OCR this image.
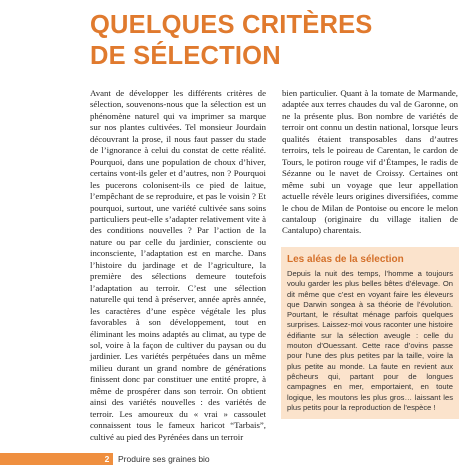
QUELQUES CRITÈRES
DE SÉLECTION

Avant de développer les différents critères de sélection, souvenons-nous que la sélection est un phénomène naturel qui va imprimer sa marque sur nos plantes cultivées. Tel monsieur Jourdain découvrant la prose, il nous faut passer du stade de l’ignorance à celui du constat de cette réalité. Pourquoi, dans une population de choux d’hiver, certains vont-ils geler et d’autres, non ? Pourquoi les pucerons colonisent-ils ce pied de laitue, l’empêchant de se reproduire, et pas le voisin ? Et pourquoi, surtout, une variété cultivée sans soins particuliers peut-elle s’adapter relativement vite à des conditions nouvelles ? Par l’action de la nature ou par celle du jardinier, consciente ou inconsciente, l’adaptation est en marche. Dans l’histoire du jardinage et de l’agriculture, la première des sélections demeure toutefois l’adaptation au terroir. C’est une sélection naturelle qui tend à préserver, année après année, les caractères d’une espèce végétale les plus favorables à son développement, tout en éliminant les moins adaptés au climat, au type de sol, voire à la façon de cultiver du paysan ou du jardinier. Les variétés perpétuées dans un même milieu durant un grand nombre de générations finissent donc par constituer une entité propre, à même de prospérer dans son terroir. On obtient ainsi des variétés nouvelles : des variétés de terroir. Les amoureux du « vrai » cassoulet connaissent tous le fameux haricot “Tarbais”, cultivé au pied des Pyrénées dans un terroir

bien particulier. Quant à la tomate de Marmande, adaptée aux terres chaudes du val de Garonne, on ne la présente plus. Bon nombre de variétés de terroir ont connu un destin national, lorsque leurs qualités étaient transposables dans d’autres terroirs, tels le poireau de Carentan, le cardon de Tours, le potiron rouge vif d’Étampes, le radis de Sézanne ou le navet de Croissy. Certaines ont même subi un voyage que leur appellation actuelle révèle leurs origines diversifiées, comme le chou de Milan de Pontoise ou encore le melon cantaloup (originaire du village italien de Cantalupo) charentais.

Les aléas de la sélection

Depuis la nuit des temps, l’homme a toujours voulu garder les plus belles bêtes d’élevage. On dit même que c’est en voyant faire les éleveurs que Darwin songea à sa théorie de l’évolution. Pourtant, le résultat ménage parfois quelques surprises. Laissez-moi vous raconter une histoire édifiante sur la sélection aveugle : celle du mouton d’Ouessant. Cette race d’ovins passe pour l’une des plus petites par la taille, voire la plus petite au monde. La faute en revient aux pêcheurs qui, partant pour de longues campagnes en mer, emportaient, en toute logique, les moutons les plus gros… laissant les plus petits pour la reproduction de l’espèce !

2	Produire ses graines bio
